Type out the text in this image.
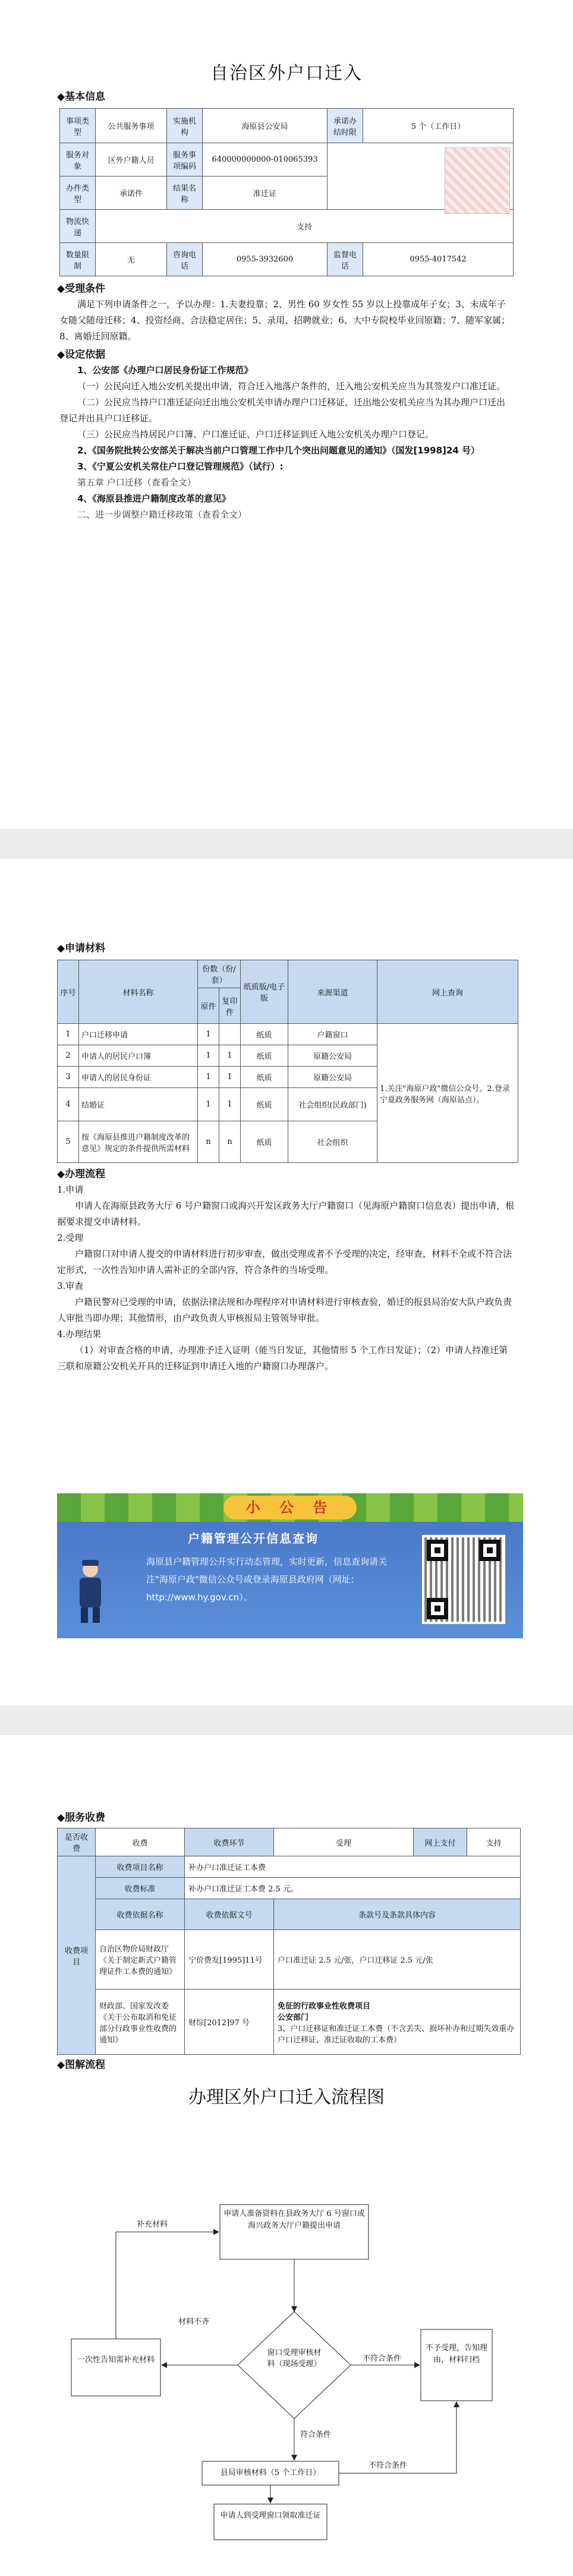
自治区外户口迁入
◆基本信息
事项类型	公共服务事项	实施机构	海原县公安局	承诺办结时限	5 个（工作日）
服务对象	区外户籍人员	服务事项编码	640000000000-010065393		
办件类型	承诺件	结果名称	准迁证		
物流快递	支持				
数量限制	无	咨询电话	0955-3932600	监督电话	0955-4017542
◆受理条件
满足下列申请条件之一，予以办理：1.夫妻投靠；2、男性 60 岁女性 55 岁以上投靠成年子女；3、未成年子女随父随母迁移；4、投资经商、合法稳定居住；5、录用、招聘就业；6、大中专院校毕业回原籍；7、随军家属；8、离婚迁回原籍。
◆设定依据
1、公安部《办理户口居民身份证工作规范》
（一）公民向迁入地公安机关提出申请，符合迁入地落户条件的，迁入地公安机关应当为其签发户口准迁证。
（二）公民应当持户口准迁证向迁出地公安机关申请办理户口迁移证，迁出地公安机关应当为其办理户口迁出登记并出具户口迁移证。
（三）公民应当持居民户口簿、户口准迁证、户口迁移证到迁入地公安机关办理户口登记。
2、《国务院批转公安部关于解决当前户口管理工作中几个突出问题意见的通知》（国发[1998]24 号）
3、《宁夏公安机关常住户口登记管理规范》（试行）:
第五章 户口迁移（查看全文）
4、《海原县推进户籍制度改革的意见》
二、进一步调整户籍迁移政策（查看全文）
◆申请材料
序号	材料名称	份数（份/套）		纸质版/电子版	来源渠道	网上查询
		原件	复印件			
1	户口迁移申请	1		纸质	户籍窗口	1.关注"海原户政"微信公众号。2.登录宁夏政务服务网（海原站点）。
2	申请人的居民户口簿	1	1	纸质	原籍公安局	
3	申请人的居民身份证	1	1	纸质	原籍公安局	
4	结婚证	1	1	纸质	社会组织(民政部门)	
5	按《海原县推进户籍制度改革的意见》规定的条件提供所需材料	n	n	纸质	社会组织	
◆办理流程

1.申请

申请人在海原县政务大厅 6 号户籍窗口或海兴开发区政务大厅户籍窗口（见海原户籍窗口信息表）提出申请，根据要求提交申请材料。

2.受理

户籍窗口对申请人提交的申请材料进行初步审查，做出受理或者不予受理的决定，经审查，材料不全或不符合法定形式，一次性告知申请人需补正的全部内容，符合条件的当场受理。

3.审查

户籍民警对已受理的申请，依据法律法规和办理程序对申请材料进行审核查验，婚迁的报县局治安大队户政负责人审批当即办理；其他情形，由户政负责人审核报局主管领导审批。

4.办理结果

（1）对审查合格的申请，办理准予迁入证明（能当日发证，其他情形 5 个工作日发证）；（2）申请人持准迁第三联和原籍公安机关开具的迁移证到申请迁入地的户籍窗口办理落户。

小 公 告
户籍管理公开信息查询
海原县户籍管理公开实行动态管理，实时更新，信息查询请关注"海原户政"微信公众号或登录海原县政府网（网址：http://www.hy.gov.cn）。
◆服务收费
是否收费	收费	收费环节	受理	网上支付	支持
收费项目	收费项目名称	补办户口准迁证工本费			
	收费标准	补办户口准迁证工本费 2.5 元。			
	收费依据名称	收费依据文号	条款号及条款具体内容		
	自治区物价局财政厅《关于制定新式户籍管理证件工本费的通知》	宁价费发[1995]11号	户口准迁证 2.5 元/张，户口迁移证 2.5 元/张		
	财政部、国家发改委《关于公布取消和免征部分行政事业性收费的通知》	财综[2012]97 号	免征的行政事业性收费项目
公安部门
3、户口迁移证和准迁证工本费（不含丢失、损坏补办和过期失效重办户口迁移证、准迁证收取的工本费）		
◆图解流程
办理区外户口迁入流程图
申请人准备资料在县政务大厅 6 号窗口或海兴政务大厅户籍提出申请
窗口受理审核材料（现场受理）
一次性告知需补充材料
不予受理，告知理由，材料归档
县局审核材料（5 个工作日）
申请人到受理窗口领取准迁证
补充材料
材料不齐
不符合条件
符合条件
不符合条件
